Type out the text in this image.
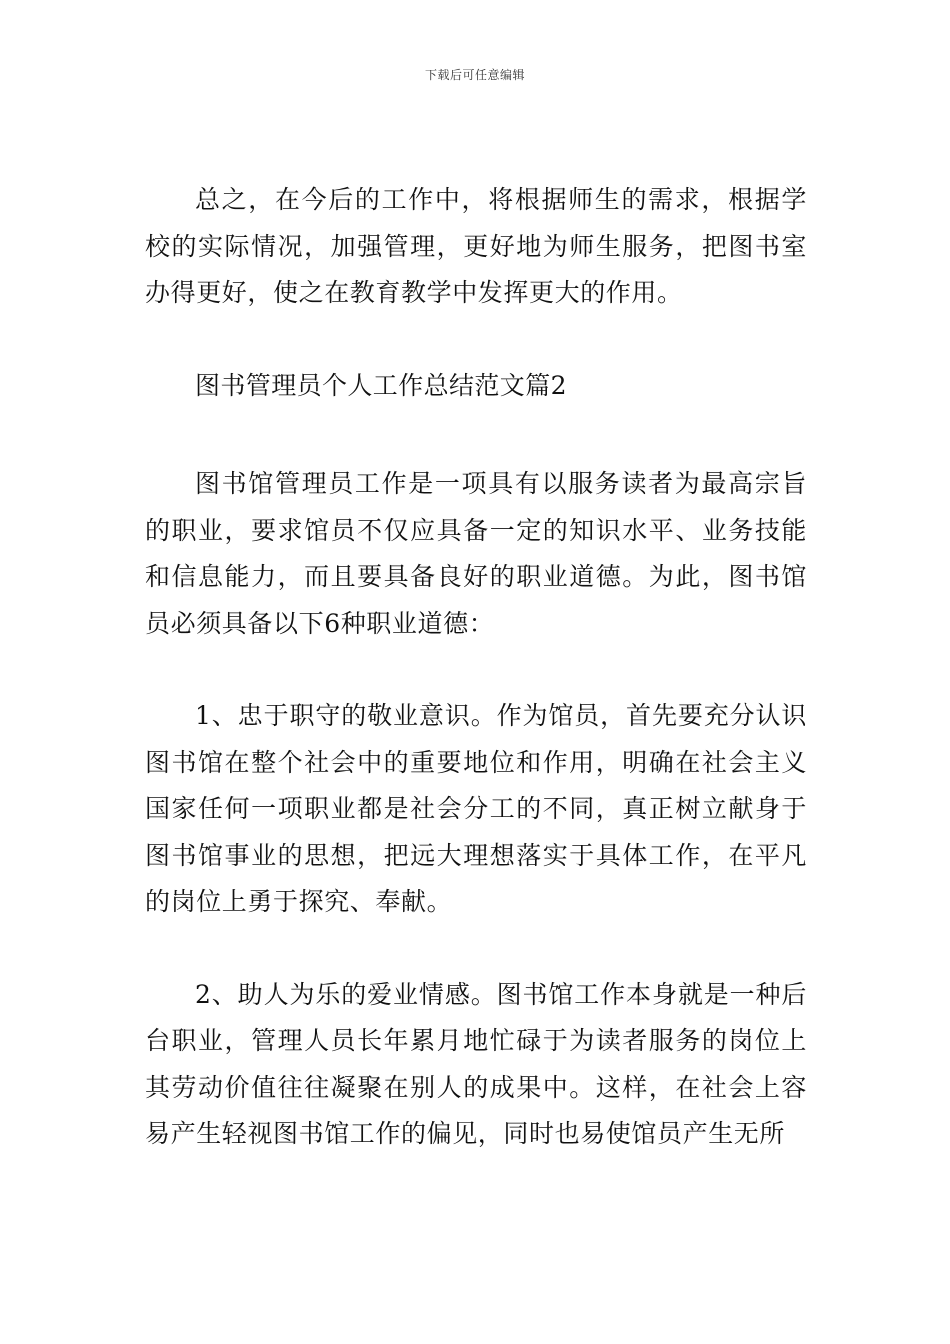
下载后可任意编辑

总之，在今后的工作中，将根据师生的需求，根据学校的实际情况，加强管理，更好地为师生服务，把图书室办得更好，使之在教育教学中发挥更大的作用。

图书管理员个人工作总结范文篇2

图书馆管理员工作是一项具有以服务读者为最高宗旨的职业，要求馆员不仅应具备一定的知识水平、业务技能和信息能力，而且要具备良好的职业道德。为此，图书馆员必须具备以下6种职业道德：

1、忠于职守的敬业意识。作为馆员，首先要充分认识图书馆在整个社会中的重要地位和作用，明确在社会主义国家任何一项职业都是社会分工的不同，真正树立献身于图书馆事业的思想，把远大理想落实于具体工作，在平凡的岗位上勇于探究、奉献。

2、助人为乐的爱业情感。图书馆工作本身就是一种后台职业，管理人员长年累月地忙碌于为读者服务的岗位上其劳动价值往往凝聚在别人的成果中。这样，在社会上容易产生轻视图书馆工作的偏见，同时也易使馆员产生无所
